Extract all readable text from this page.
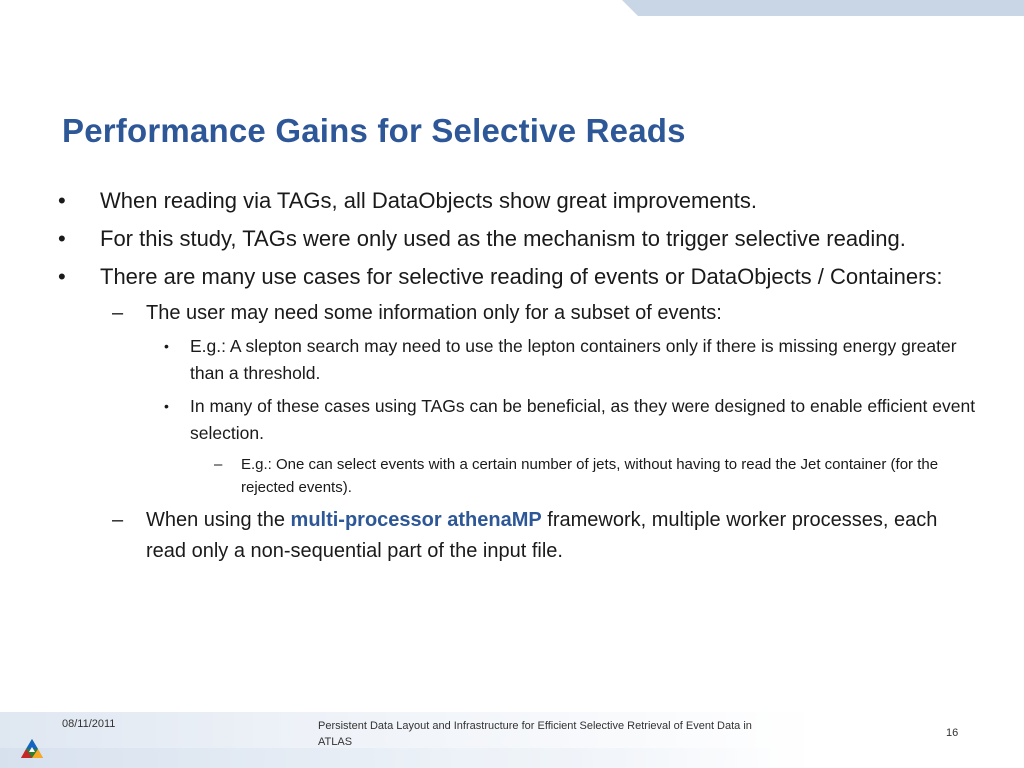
Performance Gains for Selective Reads
•	When reading via TAGs, all DataObjects show great improvements.
•	For this study, TAGs were only used as the mechanism to trigger selective reading.
•	There are many use cases for selective reading of events or DataObjects / Containers:
– The user may need some information only for a subset of events:
• E.g.: A slepton search may need to use the lepton containers only if there is missing energy greater than a threshold.
• In many of these cases using TAGs can be beneficial, as they were designed to enable efficient event selection.
– E.g.: One can select events with a certain number of jets, without having to read the Jet container (for the rejected events).
– When using the multi-processor athenaMP framework, multiple worker processes, each read only a non-sequential part of the input file.
08/11/2011	Persistent Data Layout and Infrastructure for Efficient Selective Retrieval of Event Data in ATLAS
16
